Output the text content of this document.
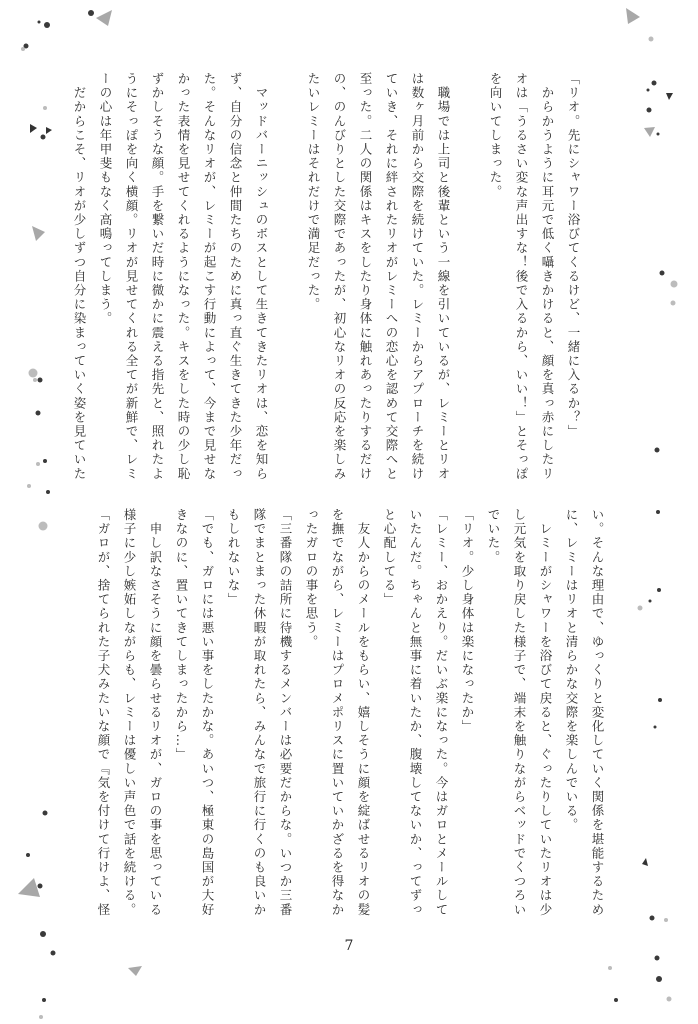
「リオ。先にシャワー浴びてくるけど、一緒に入るか？」
　からかうように耳元で低く囁きかけると、顔を真っ赤にしたリ
オは「うるさい変な声出すな！後で入るから、いい！」とそっぽ
を向いてしまった。

　職場では上司と後輩という一線を引いているが、レミーとリオ
は数ヶ月前から交際を続けていた。レミーからアプローチを続け
ていき、それに絆されたリオがレミーへの恋心を認めて交際へと
至った。二人の関係はキスをしたり身体に触れあったりするだけ
の、のんびりとした交際であったが、初心なリオの反応を楽しみ
たいレミーはそれだけで満足だった。

　マッドバーニッシュのボスとして生きてきたリオは、恋を知ら
ず、自分の信念と仲間たちのために真っ直ぐ生きてきた少年だっ
た。そんなリオが、レミーが起こす行動によって、今まで見せな
かった表情を見せてくれるようになった。キスをした時の少し恥
ずかしそうな顔。手を繋いだ時に微かに震える指先と、照れたよ
うにそっぽを向く横顔。リオが見せてくれる全てが新鮮で、レミ
ーの心は年甲斐もなく高鳴ってしまう。
　だからこそ、リオが少しずつ自分に染まっていく姿を見ていた
い。そんな理由で、ゆっくりと変化していく関係を堪能するため
に、レミーはリオと清らかな交際を楽しんでいる。
　レミーがシャワーを浴びて戻ると、ぐったりしていたリオは少
し元気を取り戻した様子で、端末を触りながらベッドでくつろい
でいた。
「リオ。少し身体は楽になったか」
「レミー、おかえり。だいぶ楽になった。今はガロとメールして
いたんだ。ちゃんと無事に着いたか、腹壊してないか、ってずっ
と心配してる」
　友人からのメールをもらい、嬉しそうに顔を綻ばせるリオの髪
を撫でながら、レミーはプロメポリスに置いていかざるを得なか
ったガロの事を思う。
「三番隊の詰所に待機するメンバーは必要だからな。いつか三番
隊でまとまった休暇が取れたら、みんなで旅行に行くのも良いか
もしれないな」
「でも、ガロには悪い事をしたかな。あいつ、極東の島国が大好
きなのに、置いてきてしまったから…」
　申し訳なさそうに顔を曇らせるリオが、ガロの事を思っている
様子に少し嫉妬しながらも、レミーは優しい声色で話を続ける。
「ガロが、捨てられた子犬みたいな顔で『気を付けて行けよ、怪
7
